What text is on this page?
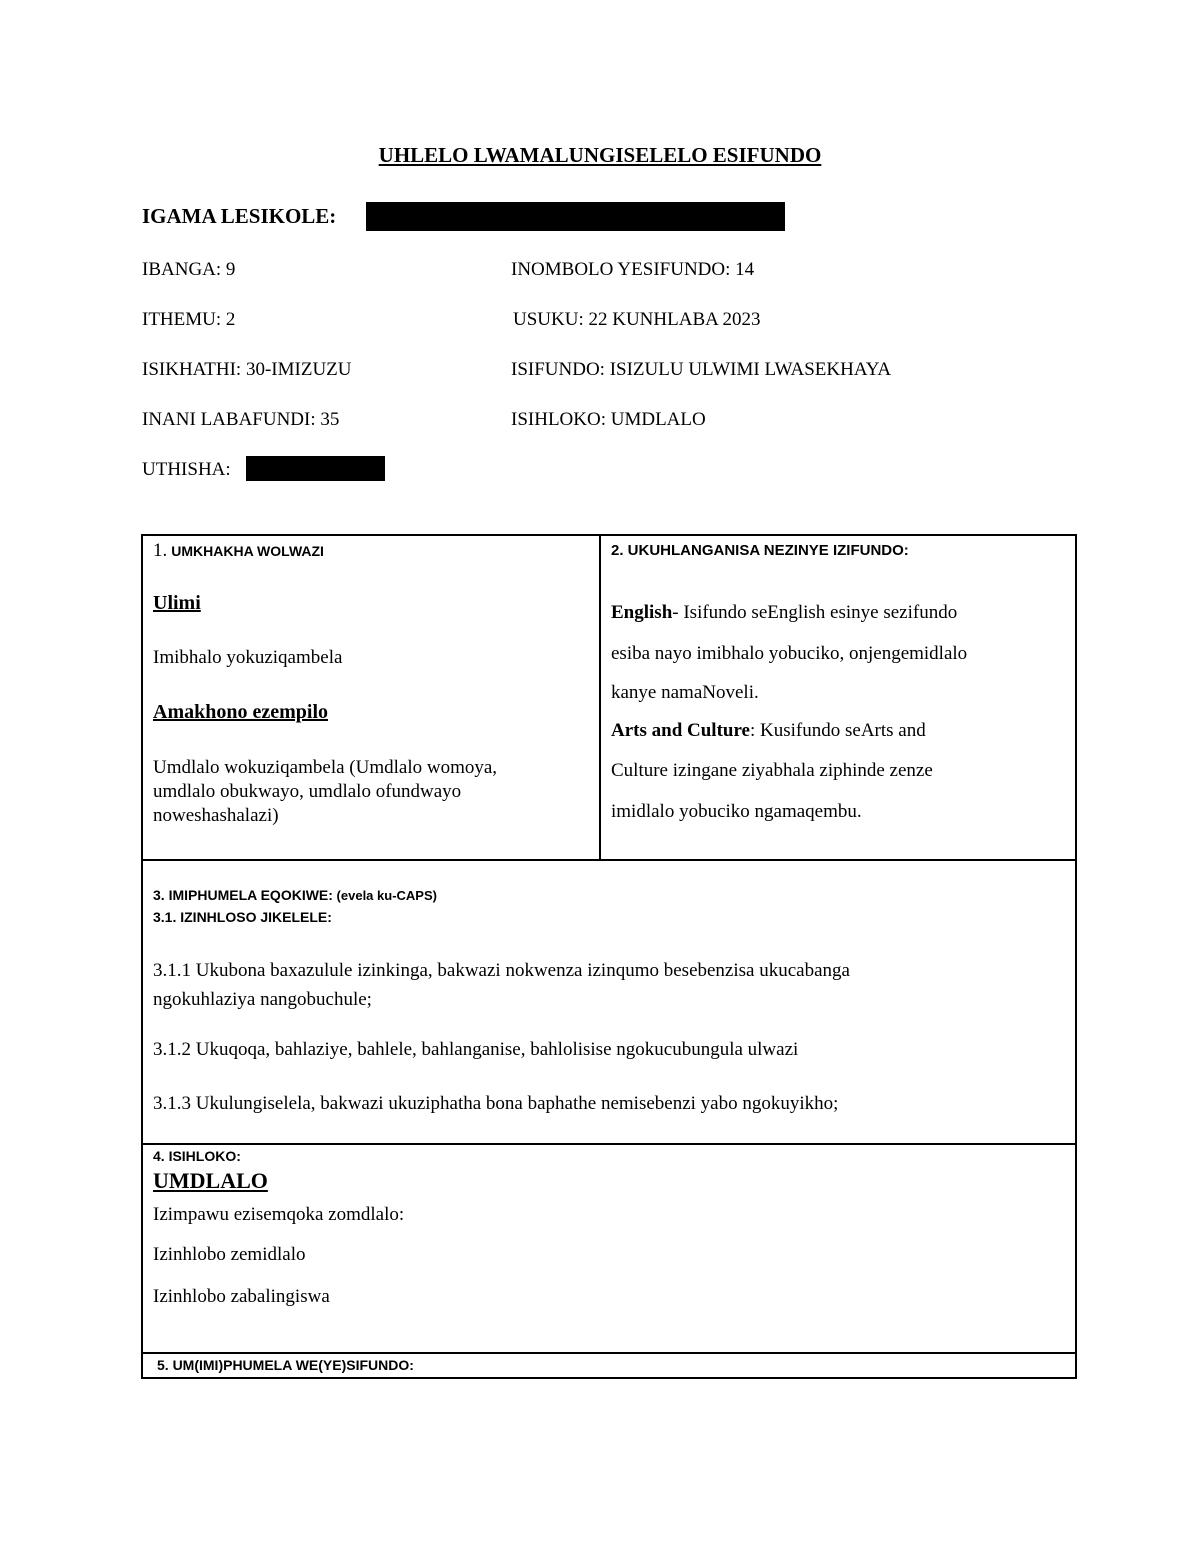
UHLELO LWAMALUNGISELELO ESIFUNDO
IGAMA LESIKOLE:
IBANGA: 9	INOMBOLO YESIFUNDO: 14
ITHEMU: 2	USUKU: 22 KUNHLABA 2023
ISIKHATHI: 30-IMIZUZU	ISIFUNDO: ISIZULU ULWIMI LWASEKHAYA
INANI LABAFUNDI: 35	ISIHLOKO: UMDLALO
UTHISHA:
1. UMKHAKHA WOLWAZI
Ulimi
Imibhalo yokuziqambela
Amakhono ezempilo
Umdlalo wokuziqambela (Umdlalo womoya,
umdlalo obukwayo, umdlalo ofundwayo
noweshashalazi)
2. UKUHLANGANISA NEZINYE IZIFUNDO:
English- Isifundo seEnglish esinye sezifundo
esiba nayo imibhalo yobuciko, onjengemidlalo
kanye namaNoveli.
Arts and Culture: Kusifundo seArts and
Culture izingane ziyabhala ziphinde zenze
imidlalo yobuciko ngamaqembu.
3. IMIPHUMELA EQOKIWE: (evela ku-CAPS)
3.1. IZINHLOSO JIKELELE:
3.1.1 Ukubona baxazulule izinkinga, bakwazi nokwenza izinqumo besebenzisa ukucabanga
ngokuhlaziya nangobuchule;
3.1.2 Ukuqoqa, bahlaziye, bahlele, bahlanganise, bahlolisise ngokucubungula ulwazi
3.1.3 Ukulungiselela, bakwazi ukuziphatha bona baphathe nemisebenzi yabo ngokuyikho;
4. ISIHLOKO:
UMDLALO
Izimpawu ezisemqoka zomdlalo:
Izinhlobo zemidlalo
Izinhlobo zabalingiswa
5. UM(IMI)PHUMELA WE(YE)SIFUNDO:
